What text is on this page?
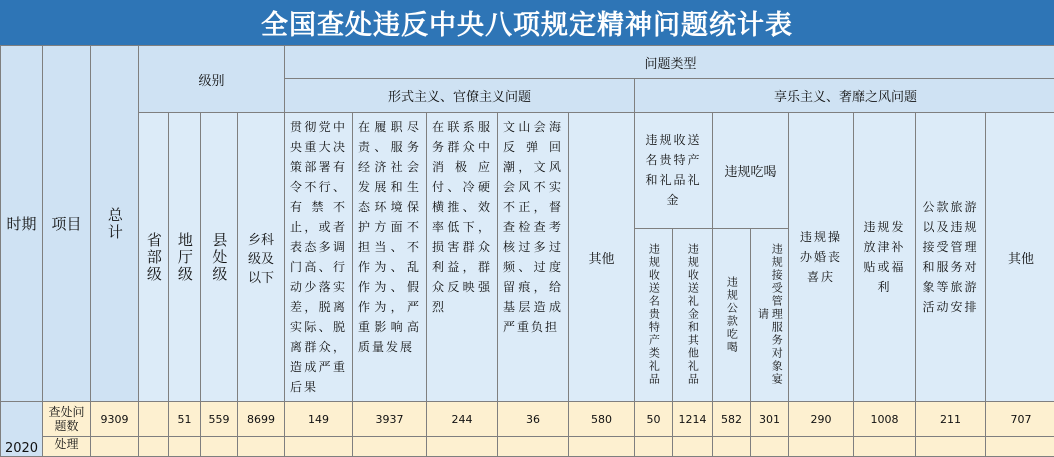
全国查处违反中央八项规定精神问题统计表
时期	项目	总计	级别				问题类型												
							形式主义、官僚主义问题					享乐主义、奢靡之风问题							

			省部级	地厅级	县处级	乡科级及以下	贯彻党中央重大决策部署有令不行、有禁不止，或者表态多调门高、行动少落实差，脱离实际、脱离群众，造成严重后果	在履职尽责、服务经济社会发展和生态环境保护方面不担当、不作为、乱作为、假作为，严重影响高质量发展	在联系服务群众中消极应付、冷硬横推、效率低下，损害群众利益，群众反映强烈	文山会海反弹回潮，文风会风不实不正，督查检查考核过多过频、过度留痕，给基层造成严重负担	其他	违规收送名贵特产和礼品礼金		违规吃喝		违规操办婚丧喜庆	违规发放津补贴或福利	公款旅游以及违规接受管理和服务对象等旅游活动安排	其他

												违规收送名贵特产类礼品	违规收送礼金和其他礼品	违规公款吃喝	违规接受管理服务对象宴请				

2020	查处问题数	9309		51	559	8699	149	3937	244	36	580	50	1214	582	301	290	1008	211	707
	处理																		
